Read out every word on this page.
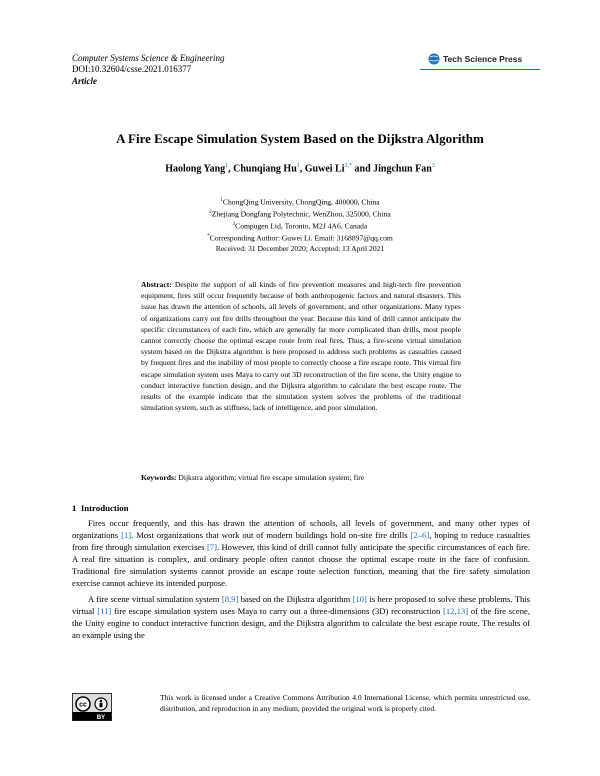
Computer Systems Science & Engineering
DOI:10.32604/csse.2021.016377
Article
Tech Science Press
A Fire Escape Simulation System Based on the Dijkstra Algorithm
Haolong Yang$^1$, Chunqiang Hu$^1$, Guwei $Li^{2,*}$ and Jingchun Fan$^3$
$^1$ChongQing University, ChongQing, 400000, China
$^2$Zhejiang Dongfang Polytechnic, WenZhou, 325000, China
$^3$Compugen Ltd, Toronto, M2J 4A6, Canada
*Corresponding Author: Guwei Li. Email: 3168897@qq.com
Received: 31 December 2020; Accepted: 13 April 2021
Abstract: Despite the support of all kinds of fire prevention measures and high-tech fire prevention equipment, fires still occur frequently because of both anthropogenic factors and natural disasters. This issue has drawn the attention of schools, all levels of government, and other organizations. Many types of organizations carry out fire drills throughout the year. Because this kind of drill cannot anticipate the specific circumstances of each fire, which are generally far more complicated than drills, most people cannot correctly choose the optimal escape route from real fires. Thus, a fire-scene virtual simulation system based on the Dijkstra algorithm is here proposed to address such problems as casualties caused by frequent fires and the inability of most people to correctly choose a fire escape route. This virtual fire escape simulation system uses Maya to carry out 3D reconstruction of the fire scene, the Unity engine to conduct interactive function design, and the Dijkstra algorithm to calculate the best escape route. The results of the example indicate that the simulation system solves the problems of the traditional simulation system, such as stiffness, lack of intelligence, and poor simulation.
Keywords: Dijkstra algorithm; virtual fire escape simulation system; fire
1 Introduction

Fires occur frequently, and this has drawn the attention of schools, all levels of government, and many other types of organizations [1]. Most organizations that work out of modern buildings hold on-site fire drills [2–6], hoping to reduce casualties from fire through simulation exercises [7]. However, this kind of drill cannot fully anticipate the specific circumstances of each fire. A real fire situation is complex, and ordinary people often cannot choose the optimal escape route in the face of confusion. Traditional fire simulation systems cannot provide an escape route selection function, meaning that the fire safety simulation exercise cannot achieve its intended purpose.

A fire scene virtual simulation system [8,9] based on the Dijkstra algorithm [10] is here proposed to solve these problems. This virtual [11] fire escape simulation system uses Maya to carry out a three-dimensions (3D) reconstruction [12,13] of the fire scene, the Unity engine to conduct interactive function design, and the Dijkstra algorithm to calculate the best escape route. The results of an example using the

cc
BY
This work is licensed under a Creative Commons Attribution 4.0 International License, which permits unrestricted use, distribution, and reproduction in any medium, provided the original work is properly cited.
